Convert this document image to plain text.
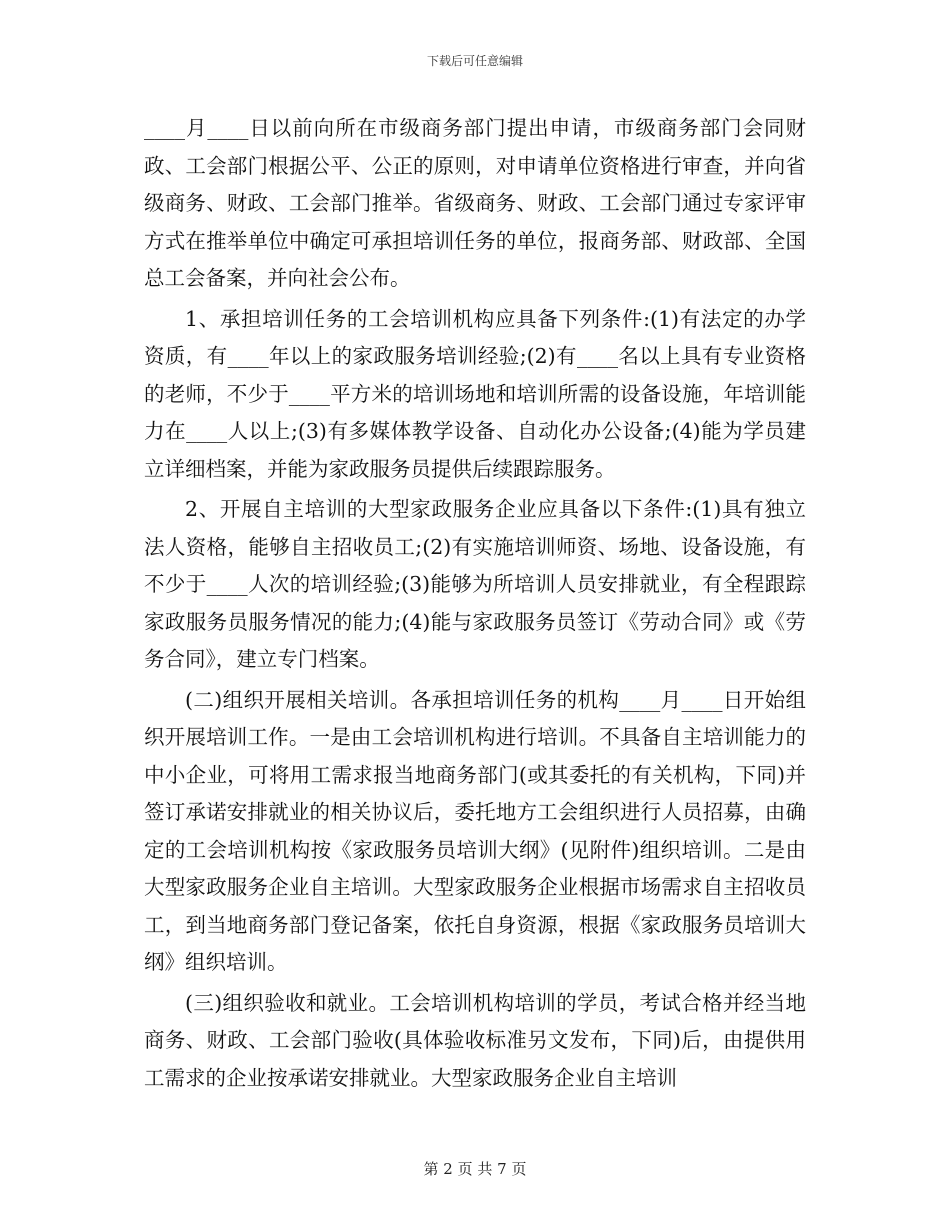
下载后可任意编辑

____月____日以前向所在市级商务部门提出申请，市级商务部门会同财政、工会部门根据公平、公正的原则，对申请单位资格进行审查，并向省级商务、财政、工会部门推举。省级商务、财政、工会部门通过专家评审方式在推举单位中确定可承担培训任务的单位，报商务部、财政部、全国总工会备案，并向社会公布。

1、承担培训任务的工会培训机构应具备下列条件:(1)有法定的办学资质，有____年以上的家政服务培训经验;(2)有____名以上具有专业资格的老师，不少于____平方米的培训场地和培训所需的设备设施，年培训能力在____人以上;(3)有多媒体教学设备、自动化办公设备;(4)能为学员建立详细档案，并能为家政服务员提供后续跟踪服务。

2、开展自主培训的大型家政服务企业应具备以下条件:(1)具有独立法人资格，能够自主招收员工;(2)有实施培训师资、场地、设备设施，有不少于____人次的培训经验;(3)能够为所培训人员安排就业，有全程跟踪家政服务员服务情况的能力;(4)能与家政服务员签订《劳动合同》或《劳务合同》，建立专门档案。

(二)组织开展相关培训。各承担培训任务的机构____月____日开始组织开展培训工作。一是由工会培训机构进行培训。不具备自主培训能力的中小企业，可将用工需求报当地商务部门(或其委托的有关机构，下同)并签订承诺安排就业的相关协议后，委托地方工会组织进行人员招募，由确定的工会培训机构按《家政服务员培训大纲》(见附件)组织培训。二是由大型家政服务企业自主培训。大型家政服务企业根据市场需求自主招收员工，到当地商务部门登记备案，依托自身资源，根据《家政服务员培训大纲》组织培训。

(三)组织验收和就业。工会培训机构培训的学员，考试合格并经当地商务、财政、工会部门验收(具体验收标准另文发布，下同)后，由提供用工需求的企业按承诺安排就业。大型家政服务企业自主培训

第 2 页 共 7 页
